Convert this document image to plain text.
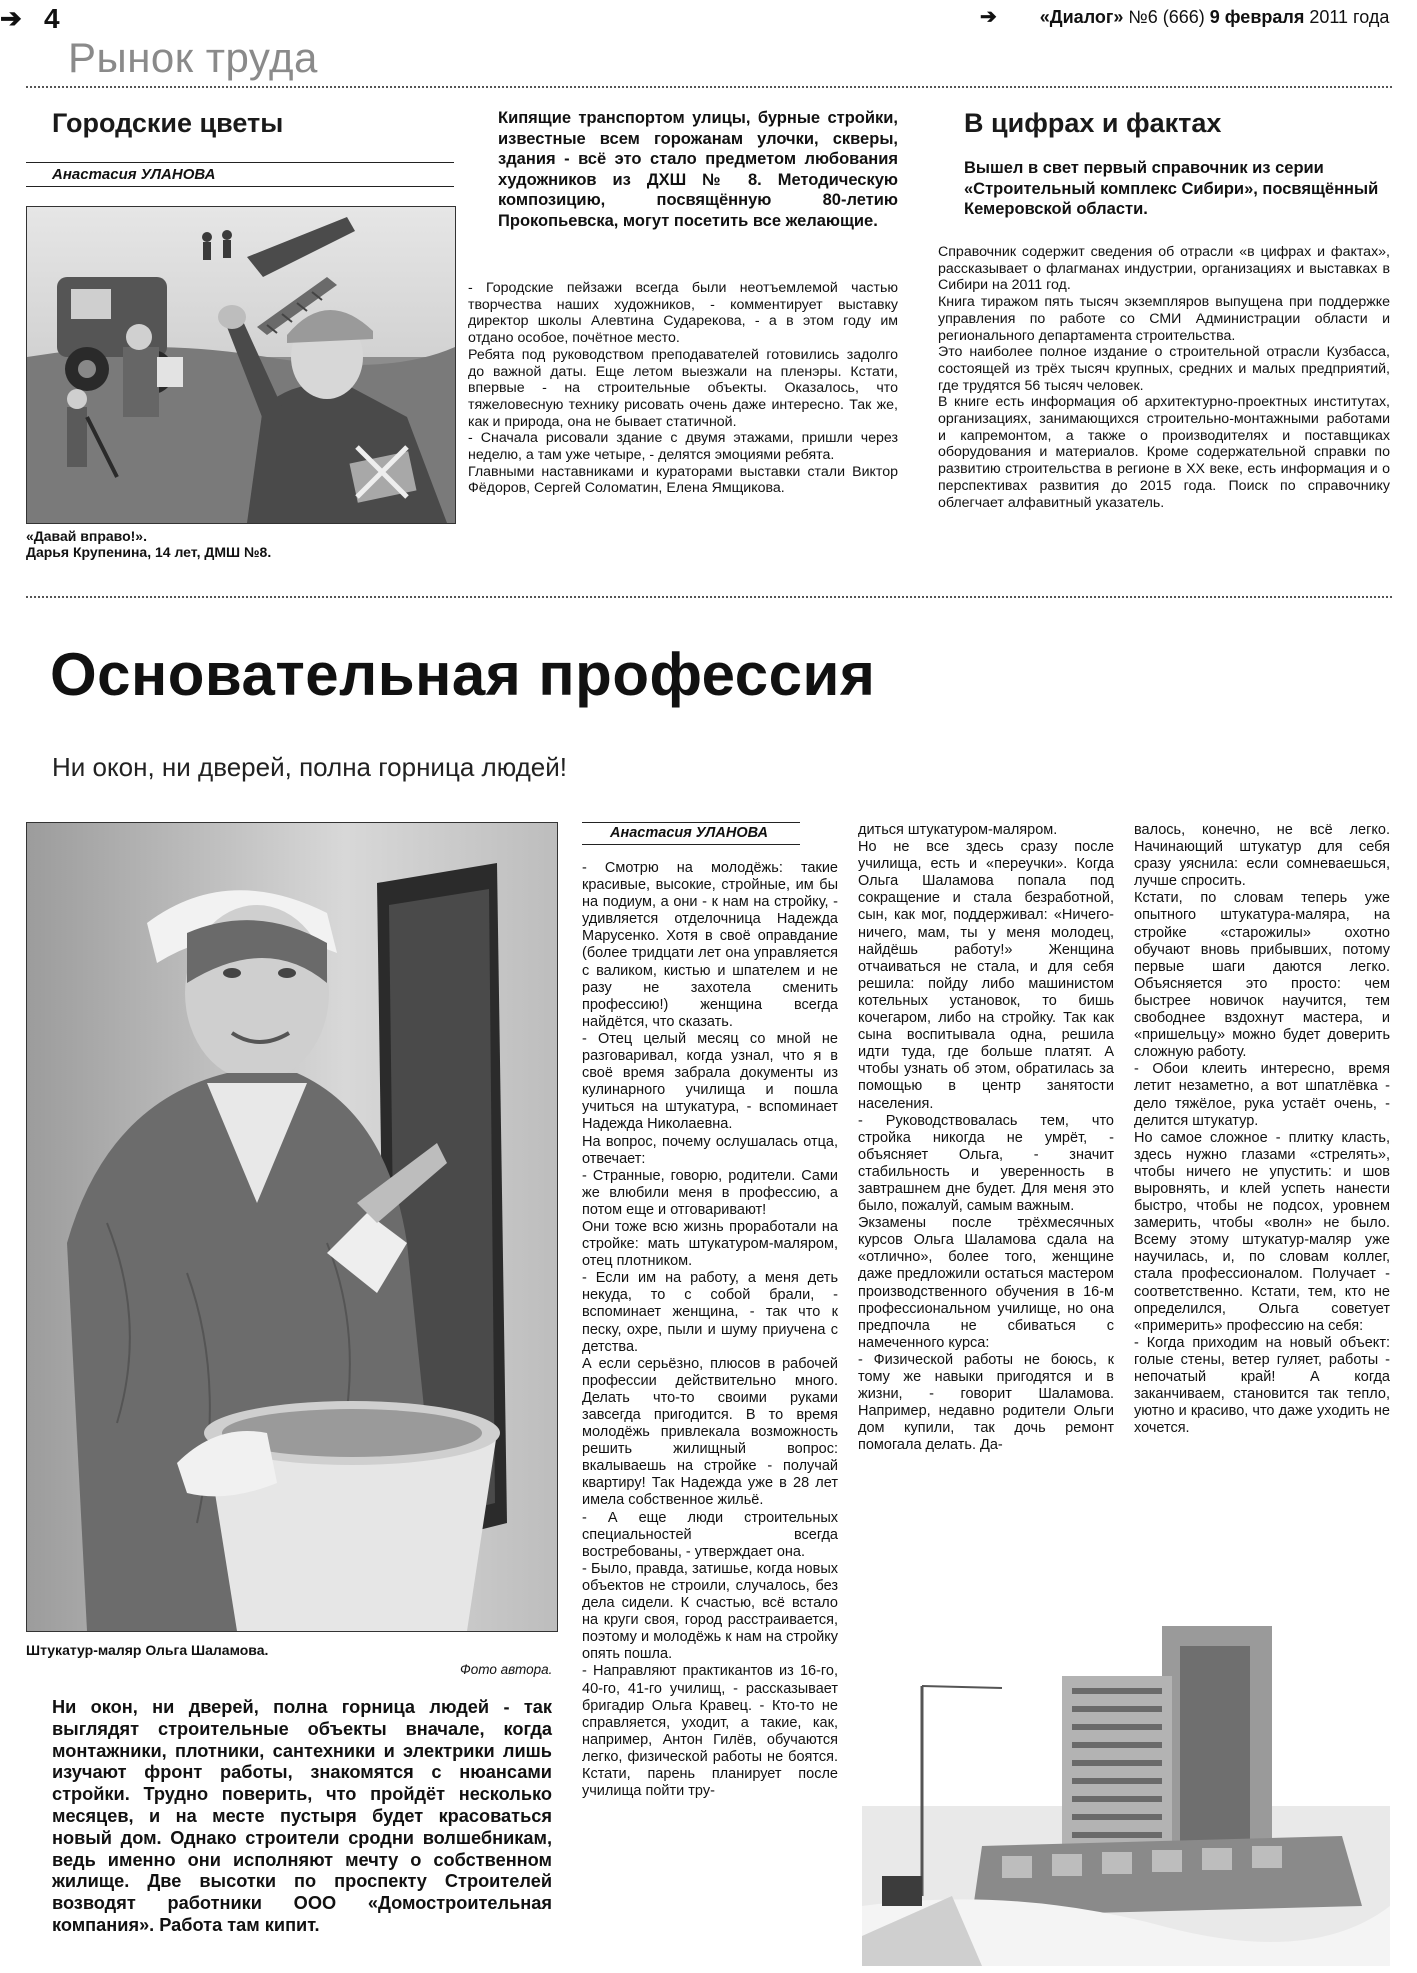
➔ 4	➔ «Диалог» №6 (666) 9 февраля 2011 года
Рынок труда
Городские цветы
Анастасия УЛАНОВА
«Давай вправо!».
Дарья Крупенина, 14 лет, ДМШ №8.
Кипящие транспортом улицы, бурные стройки, известные всем горожанам улочки, скверы, здания - всё это стало предметом любования художников из ДХШ № 8. Методическую композицию, посвящённую 80-летию Прокопьевска, могут посетить все желающие.

- Городские пейзажи всегда были неотъемлемой частью творчества наших художников, - комментирует выставку директор школы Алевтина Сударекова, - а в этом году им отдано особое, почётное место.

Ребята под руководством преподавателей готовились задолго до важной даты. Еще летом выезжали на пленэры. Кстати, впервые - на строительные объекты. Оказалось, что тяжеловесную технику рисовать очень даже интересно. Так же, как и природа, она не бывает статичной.

- Сначала рисовали здание с двумя этажами, пришли через неделю, а там уже четыре, - делятся эмоциями ребята.

Главными наставниками и кураторами выставки стали Виктор Фёдоров, Сергей Соломатин, Елена Ямщикова.

В цифрах и фактах
Вышел в свет первый справочник из серии «Строительный комплекс Сибири», посвящённый Кемеровской области.

Справочник содержит сведения об отрасли «в цифрах и фактах», рассказывает о флагманах индустрии, организациях и выставках в Сибири на 2011 год.

Книга тиражом пять тысяч экземпляров выпущена при поддержке управления по работе со СМИ Администрации области и регионального департамента строительства.

Это наиболее полное издание о строительной отрасли Кузбасса, состоящей из трёх тысяч крупных, средних и малых предприятий, где трудятся 56 тысяч человек.

В книге есть информация об архитектурно-проектных институтах, организациях, занимающихся строительно-монтажными работами и капремонтом, а также о производителях и поставщиках оборудования и материалов. Кроме содержательной справки по развитию строительства в регионе в XX веке, есть информация и о перспективах развития до 2015 года. Поиск по справочнику облегчает алфавитный указатель.

Основательная профессия
Ни окон, ни дверей, полна горница людей!
Штукатур-маляр Ольга Шаламова.
Фото автора.
Ни окон, ни дверей, полна горница людей - так выглядят строительные объекты вначале, когда монтажники, плотники, сантехники и электрики лишь изучают фронт работы, знакомятся с нюансами стройки. Трудно поверить, что пройдёт несколько месяцев, и на месте пустыря будет красоваться новый дом. Однако строители сродни волшебникам, ведь именно они исполняют мечту о собственном жилище. Две высотки по проспекту Строителей возводят работники ООО «Домостроительная компания». Работа там кипит.
Анастасия УЛАНОВА

- Смотрю на молодёжь: такие красивые, высокие, стройные, им бы на подиум, а они - к нам на стройку, - удивляется отделочница Надежда Марусенко. Хотя в своё оправдание (более тридцати лет она управляется с валиком, кистью и шпателем и не разу не захотела сменить профессию!) женщина всегда найдётся, что сказать.

- Отец целый месяц со мной не разговаривал, когда узнал, что я в своё время забрала документы из кулинарного училища и пошла учиться на штукатура, - вспоминает Надежда Николаевна.

На вопрос, почему ослушалась отца, отвечает:

- Странные, говорю, родители. Сами же влюбили меня в профессию, а потом еще и отговаривают!

Они тоже всю жизнь проработали на стройке: мать штукатуром-маляром, отец плотником.

- Если им на работу, а меня деть некуда, то с собой брали, - вспоминает женщина, - так что к песку, охре, пыли и шуму приучена с детства.

А если серьёзно, плюсов в рабочей профессии действительно много. Делать что-то своими руками завсегда пригодится. В то время молодёжь привлекала возможность решить жилищный вопрос: вкалываешь на стройке - получай квартиру! Так Надежда уже в 28 лет имела собственное жильё.

- А еще люди строительных специальностей всегда востребованы, - утверждает она.

- Было, правда, затишье, когда новых объектов не строили, случалось, без дела сидели. К счастью, всё встало на круги своя, город расстраивается, поэтому и молодёжь к нам на стройку опять пошла.

- Направляют практикантов из 16-го, 40-го, 41-го училищ, - рассказывает бригадир Ольга Кравец. - Кто-то не справляется, уходит, а такие, как, например, Антон Гилёв, обучаются легко, физической работы не боятся. Кстати, парень планирует после училища пойти тру-

диться штукатуром-маляром.

Но не все здесь сразу после училища, есть и «переучки». Когда Ольга Шаламова попала под сокращение и стала безработной, сын, как мог, поддерживал: «Ничего-ничего, мам, ты у меня молодец, найдёшь работу!» Женщина отчаиваться не стала, и для себя решила: пойду либо машинистом котельных установок, то бишь кочегаром, либо на стройку. Так как сына воспитывала одна, решила идти туда, где больше платят. А чтобы узнать об этом, обратилась за помощью в центр занятости населения.

- Руководствовалась тем, что стройка никогда не умрёт, - объясняет Ольга, - значит стабильность и уверенность в завтрашнем дне будет. Для меня это было, пожалуй, самым важным.

Экзамены после трёхмесячных курсов Ольга Шаламова сдала на «отлично», более того, женщине даже предложили остаться мастером производственного обучения в 16-м профессиональном училище, но она предпочла не сбиваться с намеченного курса:

- Физической работы не боюсь, к тому же навыки пригодятся и в жизни, - говорит Шаламова. Например, недавно родители Ольги дом купили, так дочь ремонт помогала делать. Да-

валось, конечно, не всё легко. Начинающий штукатур для себя сразу уяснила: если сомневаешься, лучше спросить.

Кстати, по словам теперь уже опытного штукатура-маляра, на стройке «старожилы» охотно обучают вновь прибывших, потому первые шаги даются легко. Объясняется это просто: чем быстрее новичок научится, тем свободнее вздохнут мастера, и «пришельцу» можно будет доверить сложную работу.

- Обои клеить интересно, время летит незаметно, а вот шпатлёвка - дело тяжёлое, рука устаёт очень, - делится штукатур.

Но самое сложное - плитку класть, здесь нужно глазами «стрелять», чтобы ничего не упустить: и шов выровнять, и клей успеть нанести быстро, чтобы не подсох, уровнем замерить, чтобы «волн» не было. Всему этому штукатур-маляр уже научилась, и, по словам коллег, стала профессионалом. Получает - соответственно. Кстати, тем, кто не определился, Ольга советует «примерить» профессию на себя:

- Когда приходим на новый объект: голые стены, ветер гуляет, работы - непочатый край! А когда заканчиваем, становится так тепло, уютно и красиво, что даже уходить не хочется.
